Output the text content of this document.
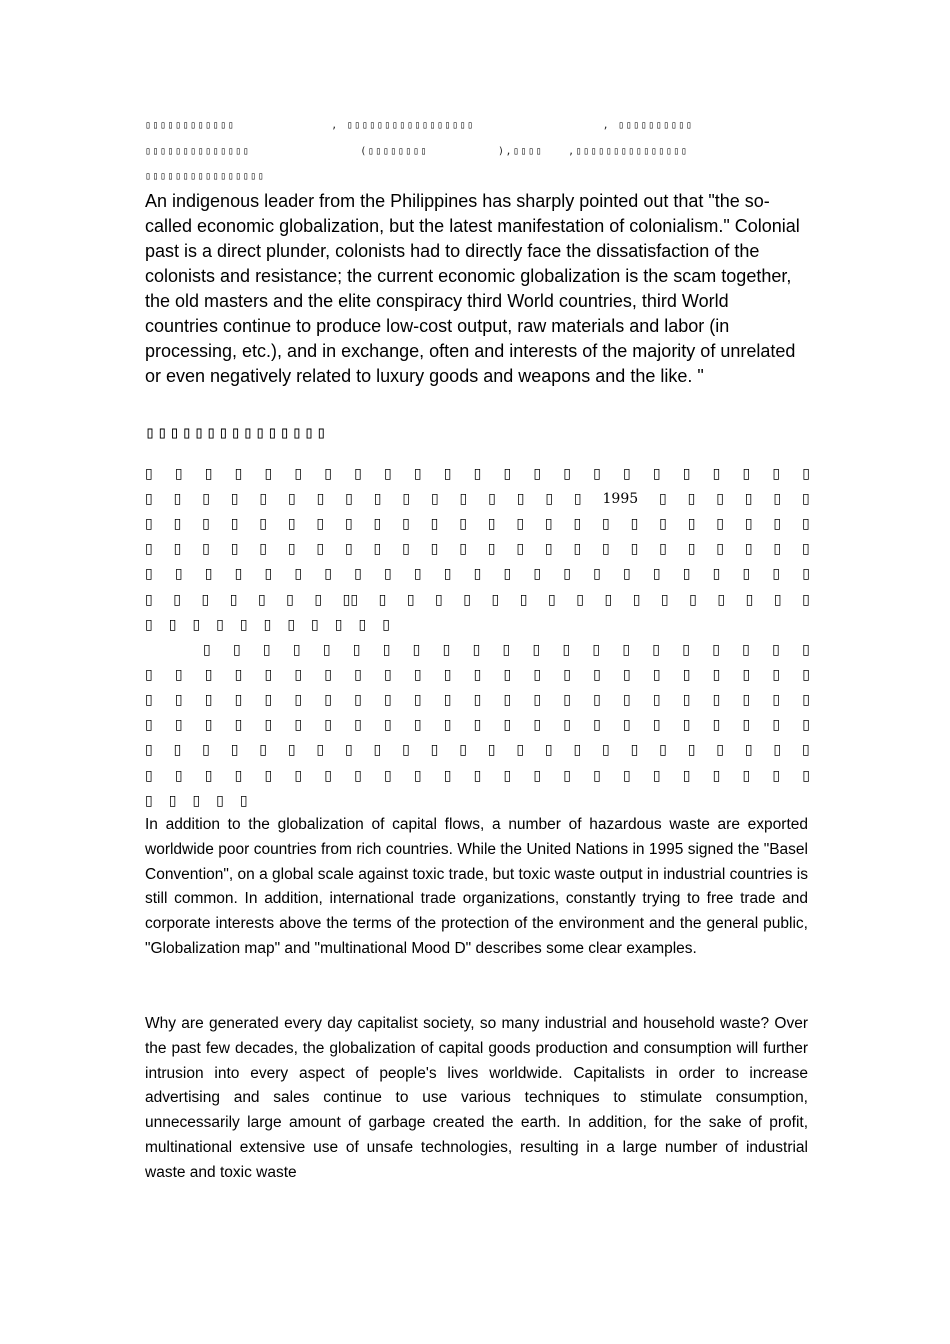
▯▯▯▯▯▯▯▯▯▯▯▯	, ▯▯▯▯▯▯▯▯▯▯▯▯▯▯▯▯▯	, ▯▯▯▯▯▯▯▯▯▯
▯▯▯▯▯▯▯▯▯▯▯▯▯▯	(▯▯▯▯▯▯▯▯	),▯▯▯▯	,▯▯▯▯▯▯▯▯▯▯▯▯▯▯▯
▯▯▯▯▯▯▯▯▯▯▯▯▯▯▯▯

An indigenous leader from the Philippines has sharply pointed out that "the so-called economic globalization, but the latest manifestation of colonialism." Colonial past is a direct plunder, colonists had to directly face the dissatisfaction of the colonists and resistance; the current economic globalization is the scam together, the old masters and the elite conspiracy third World countries, third World countries continue to produce low-cost output, raw materials and labor (in processing, etc.), and in exchange, often and interests of the majority of unrelated or even negatively related to luxury goods and weapons and the like. "

▯▯▯▯▯▯▯▯▯▯▯▯▯▯▯
▯ ▯ ▯ ▯ ▯ ▯ ▯ ▯ ▯ ▯ ▯ ▯ ▯ ▯ ▯ ▯ ▯ ▯ ▯ ▯ ▯ ▯ ▯
▯ ▯ ▯ ▯ ▯ ▯ ▯ ▯ ▯ ▯ ▯ ▯ ▯ ▯ ▯ ▯ 1995 ▯ ▯ ▯ ▯ ▯ ▯
▯ ▯ ▯ ▯ ▯ ▯ ▯ ▯ ▯ ▯ ▯ ▯ ▯ ▯ ▯ ▯ ▯ ▯ ▯ ▯ ▯ ▯ ▯ ▯
▯ ▯ ▯ ▯ ▯ ▯ ▯ ▯ ▯ ▯ ▯ ▯ ▯ ▯ ▯ ▯ ▯ ▯ ▯ ▯ ▯ ▯ ▯ ▯
▯ ▯ ▯ ▯ ▯ ▯ ▯ ▯ ▯ ▯ ▯ ▯ ▯ ▯ ▯ ▯ ▯ ▯ ▯ ▯ ▯ ▯ ▯
▯ ▯ ▯ ▯ ▯ ▯ ▯ ▯▯ ▯ ▯ ▯ ▯ ▯ ▯ ▯ ▯ ▯ ▯ ▯ ▯ ▯ ▯ ▯ ▯
▯ ▯ ▯ ▯ ▯ ▯ ▯ ▯ ▯ ▯ ▯
▯ ▯ ▯ ▯ ▯ ▯ ▯ ▯ ▯ ▯ ▯ ▯ ▯ ▯ ▯ ▯ ▯ ▯ ▯ ▯ ▯
▯ ▯ ▯ ▯ ▯ ▯ ▯ ▯ ▯ ▯ ▯ ▯ ▯ ▯ ▯ ▯ ▯ ▯ ▯ ▯ ▯ ▯ ▯
▯ ▯ ▯ ▯ ▯ ▯ ▯ ▯ ▯ ▯ ▯ ▯ ▯ ▯ ▯ ▯ ▯ ▯ ▯ ▯ ▯ ▯ ▯
▯ ▯ ▯ ▯ ▯ ▯ ▯ ▯ ▯ ▯ ▯ ▯ ▯ ▯ ▯ ▯ ▯ ▯ ▯ ▯ ▯ ▯ ▯
▯ ▯ ▯ ▯ ▯ ▯ ▯ ▯ ▯ ▯ ▯ ▯ ▯ ▯ ▯ ▯ ▯ ▯ ▯ ▯ ▯ ▯ ▯ ▯
▯ ▯ ▯ ▯ ▯ ▯ ▯ ▯ ▯ ▯ ▯ ▯ ▯ ▯ ▯ ▯ ▯ ▯ ▯ ▯ ▯ ▯ ▯
▯ ▯ ▯ ▯ ▯

In addition to the globalization of capital flows, a number of hazardous waste are exported worldwide poor countries from rich countries. While the United Nations in 1995 signed the "Basel Convention", on a global scale against toxic trade, but toxic waste output in industrial countries is still common. In addition, international trade organizations, constantly trying to free trade and corporate interests above the terms of the protection of the environment and the general public, "Globalization map" and "multinational Mood D" describes some clear examples.

Why are generated every day capitalist society, so many industrial and household waste? Over the past few decades, the globalization of capital goods production and consumption will further intrusion into every aspect of people's lives worldwide. Capitalists in order to increase advertising and sales continue to use various techniques to stimulate consumption, unnecessarily large amount of garbage created the earth. In addition, for the sake of profit, multinational extensive use of unsafe technologies, resulting in a large number of industrial waste and toxic waste
